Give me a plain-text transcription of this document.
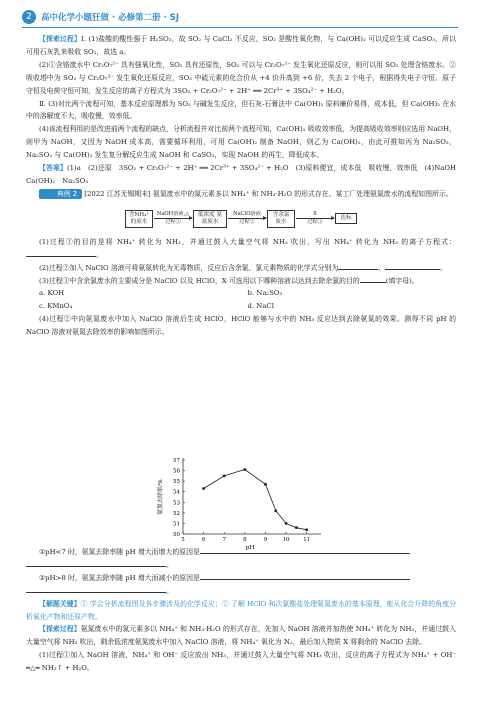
2	高中化学小题狂做 · 必修第二册 · SJ

【探索过程】Ⅰ. (1)盐酸的酸性强于 H₂SO₃，故 SO₂ 与 CaCl₂ 不反应，SO₂ 是酸性氧化物，与 Ca(OH)₂ 可以反应生成 CaSO₃，所以可用石灰乳来吸收 SO₂，故选 a。

(2)①含铬废水中 Cr₂O₇²⁻ 具有强氧化性，SO₂ 具有还原性，SO₂ 可以与 Cr₂O₇²⁻ 发生氧化还原反应，则可以用 SO₂ 处理含铬废水。②吸收塔中为 SO₂ 与 Cr₂O₇²⁻ 发生氧化还原反应，SO₂ 中硫元素的化合价从 +4 价升高到 +6 价，失去 2 个电子，根据得失电子守恒、原子守恒及电荷守恒可知，发生反应的离子方程式为 3SO₂ + Cr₂O₇²⁻ + 2H⁺ ══ 2Cr³⁺ + 3SO₄²⁻ + H₂O。

Ⅱ. (3)对比两个流程可知，基本反应原理都为 SO₂ 与碱发生反应，但石灰-石膏法中 Ca(OH)₂ 原料廉价易得，成本低，但 Ca(OH)₂ 在水中的溶解度不大，吸收慢，效率低。

(4)该流程利用的是改进前两个流程的缺点，分析流程并对比前两个流程可知，Ca(OH)₂ 吸收效率低，为提高吸收效率则应选用 NaOH，则甲为 NaOH，又因为 NaOH 成本高，需要循环利用，可用 Ca(OH)₂ 制备 NaOH，则乙为 Ca(OH)₂，由此可推知丙为 Na₂SO₃，Na₂SO₃ 与 Ca(OH)₂ 发生复分解反应生成 NaOH 和 CaSO₃，实现 NaOH 的再生，降低成本。

【答案】(1)a　(2)还原　3SO₂ + Cr₂O₇²⁻ + 2H⁺ ══ 2Cr³⁺ + 3SO₄²⁻ + H₂O　(3)原料便宜，成本低　吸收慢，效率低　(4)NaOH　Ca(OH)₂　Na₂SO₃

典例 2 [2022 江苏无锡期末] 氨氮废水中的氮元素多以 NH₄⁺ 和 NH₃·H₂O 的形式存在。某工厂处理氨氮废水的流程如图所示。

含NH₄⁺ 的废水
NaOH溶液,△
过程①
低浓度 氨氮废水
NaClO溶液
过程②
含余氯 废水
X
过程③
达标

(1)过程①的目的是将 NH₄⁺ 转化为 NH₃，并通过鼓入大量空气将 NH₃ 吹出，写出 NH₄⁺ 转化为 NH₃ 的离子方程式：。

(2)过程②加入 NaClO 溶液可将氨氮转化为无毒物质，反应后含余氯、氯元素物质的化学式分别为	、	。

(3)过程③中含余氯废水的主要成分是 NaClO 以及 HClO，X 可选用以下哪种溶液以达到去除余氯的目的	(填字母)。

a. KOH	b. Na₂SO₃
c. KMnO₄	d. NaCl

(4)过程②中向氨氮废水中加入 NaClO 溶液后生成 HClO，HClO 能够与水中的 NH₃ 反应达到去除氨氮的效果。测得不同 pH 的 NaClO 溶液对氨氮去除效率的影响如图所示。

50
51
52
53
54
55
56
57
5	6	7	8	9	10 11
pH
氨氮去除率/%

①pH<7 时，氨氮去除率随 pH 增大而增大的原因是

。

②pH>8 时，氨氮去除率随 pH 增大而减小的原因是

。

【解题关键】① 学会分析流程图及各步骤涉及的化学反应；② 了解 HClO 和次氯酸盐处理氨氮废水的基本原理，能从化合升降的角度分析氧化产物和还原产物。

【探索过程】氨氮废水中的氮元素多以 NH₄⁺ 和 NH₃·H₂O 的形式存在，先加入 NaOH 溶液并加热使 NH₄⁺ 转化为 NH₃，并通过鼓入大量空气将 NH₃ 吹出，剩余低浓度氨氮废水中加入 NaClO 溶液，将 NH₄⁺ 氧化为 N₂，最后加入物质 X 将剩余的 NaClO 去除。

(1)过程①加入 NaOH 溶液，NH₄⁺ 和 OH⁻ 反应放出 NH₃，并通过鼓入大量空气将 NH₃ 吹出，反应的离子方程式为 NH₄⁺ + OH⁻ ═△═ NH₃↑ + H₂O。
